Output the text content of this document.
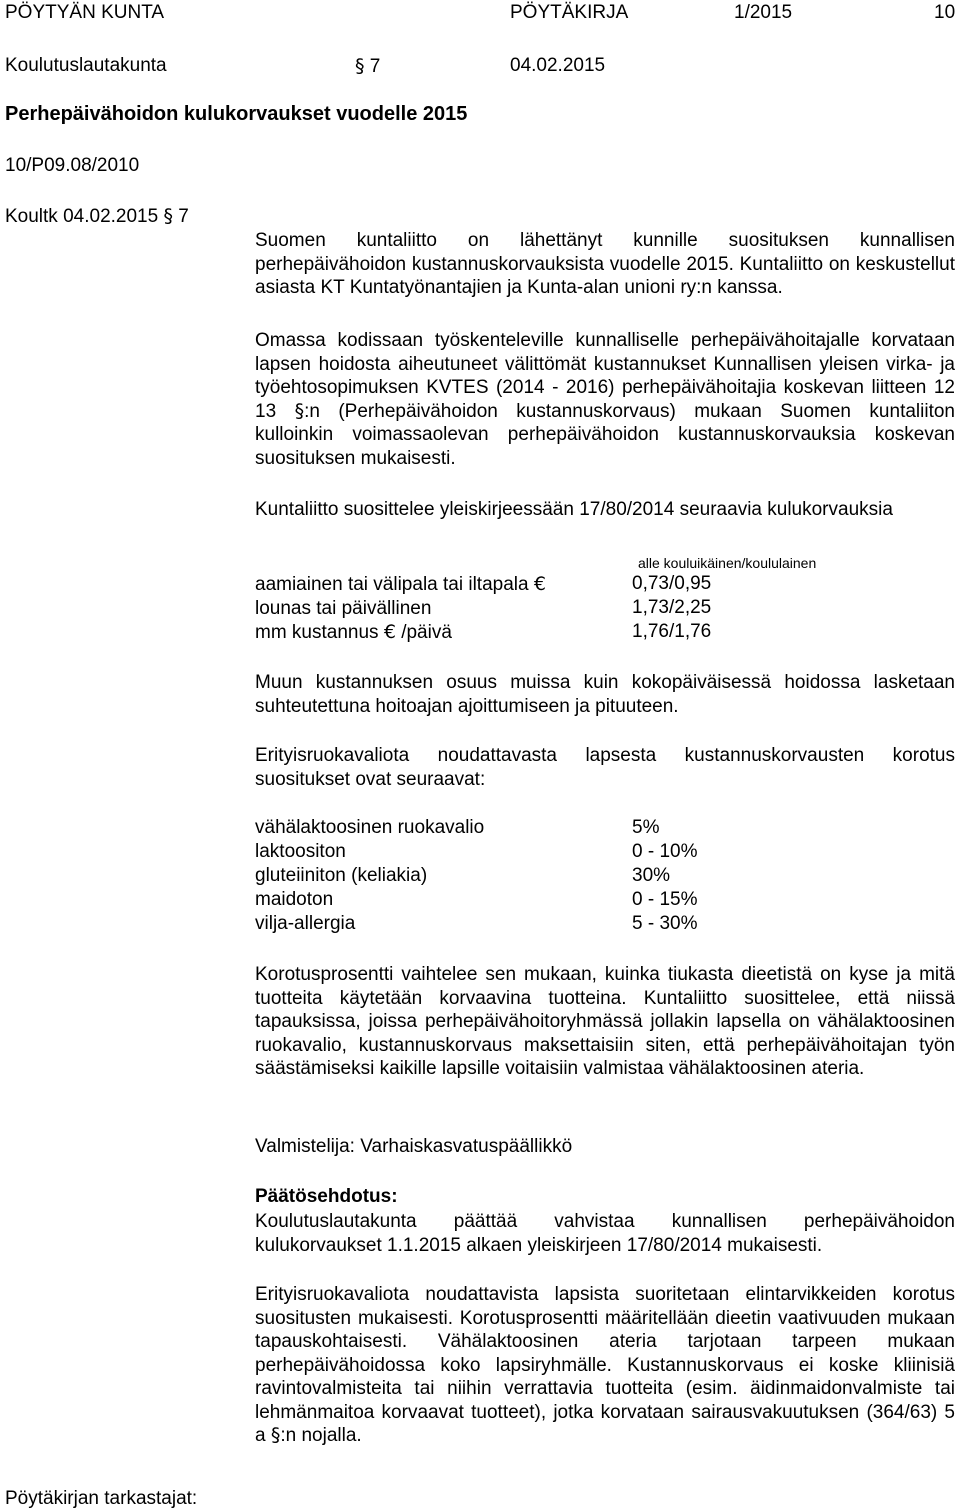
PÖYTYÄN KUNTA	PÖYTÄKIRJA	1/2015	10
Koulutuslautakunta	§ 7	04.02.2015
Perhepäivähoidon kulukorvaukset vuodelle 2015
10/P09.08/2010
Koultk 04.02.2015 § 7
Suomen kuntaliitto on lähettänyt kunnille suosituksen kunnallisen perhepäivähoidon kustannuskorvauksista vuodelle 2015. Kuntaliitto on keskustellut asiasta KT Kuntatyönantajien ja Kunta-alan unioni ry:n kanssa.
Omassa kodissaan työskenteleville kunnalliselle perhepäivähoitajalle korvataan lapsen hoidosta aiheutuneet välittömät kustannukset Kunnallisen yleisen virka- ja työehtosopimuksen KVTES (2014 - 2016) perhepäivähoitajia koskevan liitteen 12 13 §:n (Perhepäivähoidon kustannuskorvaus) mukaan Suomen kuntaliiton kulloinkin voimassaolevan perhepäivähoidon kustannuskorvauksia koskevan suosituksen mukaisesti.
Kuntaliitto suosittelee yleiskirjeessään 17/80/2014 seuraavia kulukorvauksia
alle kouluikäinen/koululainen
aamiainen tai välipala tai iltapala €	0,73/0,95
lounas tai päivällinen	1,73/2,25
mm kustannus € /päivä	1,76/1,76
Muun kustannuksen osuus muissa kuin kokopäiväisessä hoidossa lasketaan suhteutettuna hoitoajan ajoittumiseen ja pituuteen.
Erityisruokavaliota noudattavasta lapsesta kustannuskorvausten korotus suositukset ovat seuraavat:
vähälaktoosinen ruokavalio	5%
laktoositon	0 - 10%
gluteiiniton (keliakia)	30%
maidoton	0 - 15%
vilja-allergia	5 - 30%
Korotusprosentti vaihtelee sen mukaan, kuinka tiukasta dieetistä on kyse ja mitä tuotteita käytetään korvaavina tuotteina. Kuntaliitto suosittelee, että niissä tapauksissa, joissa perhepäivähoitoryhmässä jollakin lapsella on vähälaktoosinen ruokavalio, kustannuskorvaus maksettaisiin siten, että perhepäivähoitajan työn säästämiseksi kaikille lapsille voitaisiin valmistaa vähälaktoosinen ateria.
Valmistelija: Varhaiskasvatuspäällikkö
Päätösehdotus:
Koulutuslautakunta päättää vahvistaa kunnallisen perhepäivähoidon kulukorvaukset 1.1.2015 alkaen yleiskirjeen 17/80/2014 mukaisesti.
Erityisruokavaliota noudattavista lapsista suoritetaan elintarvikkeiden korotus suositusten mukaisesti. Korotusprosentti määritellään dieetin vaativuuden mukaan tapauskohtaisesti. Vähälaktoosinen ateria tarjotaan tarpeen mukaan perhepäivähoidossa koko lapsiryhmälle. Kustannuskorvaus ei koske kliinisiä ravintovalmisteita tai niihin verrattavia tuotteita (esim. äidinmaidonvalmiste tai lehmänmaitoa korvaavat tuotteet), jotka korvataan sairausvakuutuksen (364/63) 5 a §:n nojalla.
Pöytäkirjan tarkastajat:
